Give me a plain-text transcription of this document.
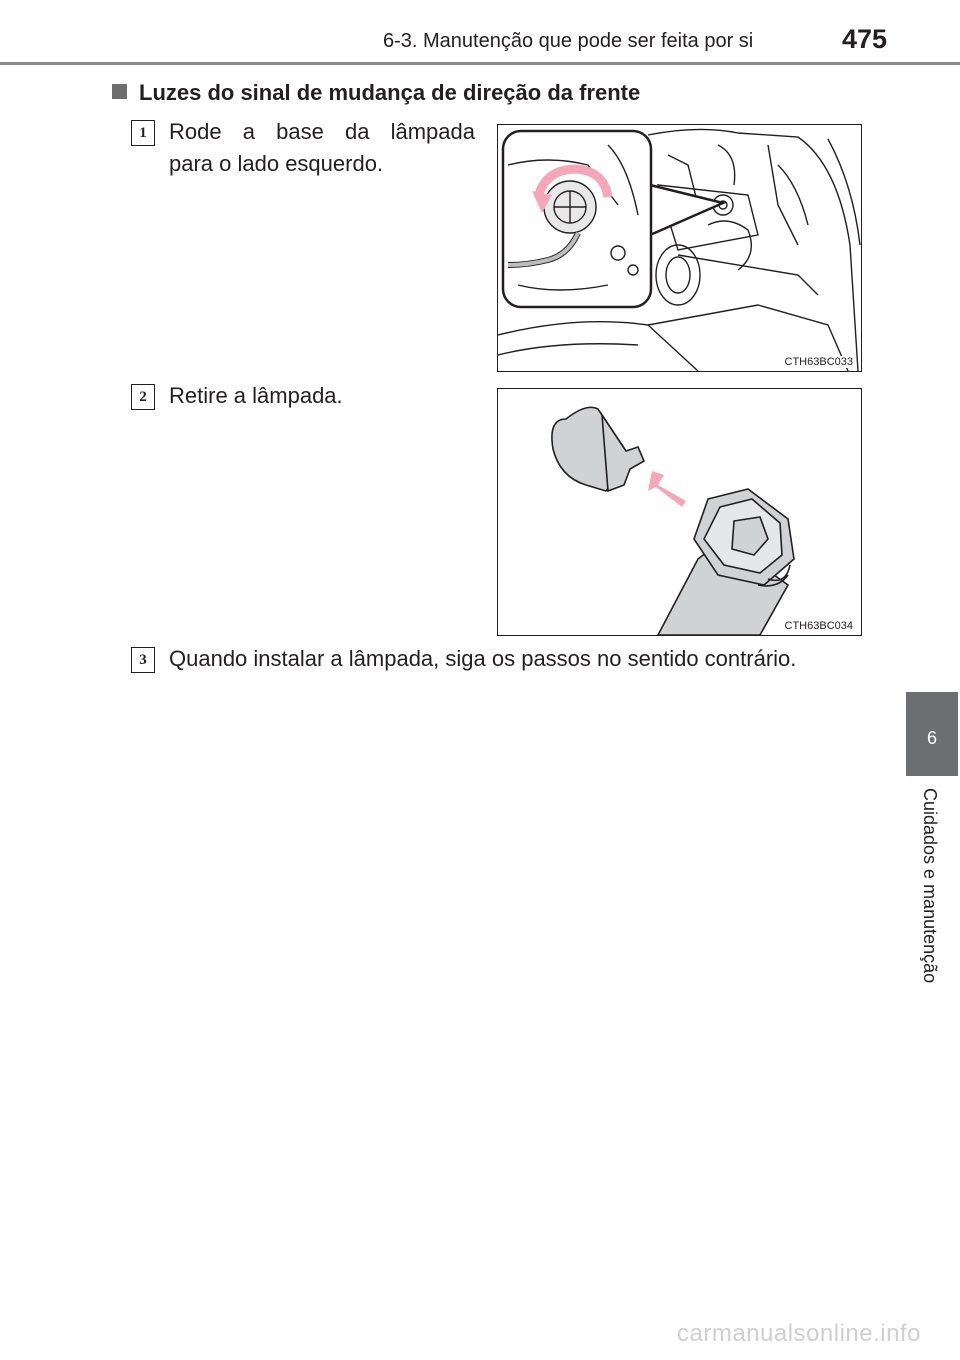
6-3. Manutenção que pode ser feita por si	475
Luzes do sinal de mudança de direção da frente
1	Rode a base da lâmpada
para o lado esquerdo.
CTH63BC033
2	Retire a lâmpada.
CTH63BC034
3	Quando instalar a lâmpada, siga os passos no sentido contrário.
6
Cuidados e manutenção
carmanualsonline.info
